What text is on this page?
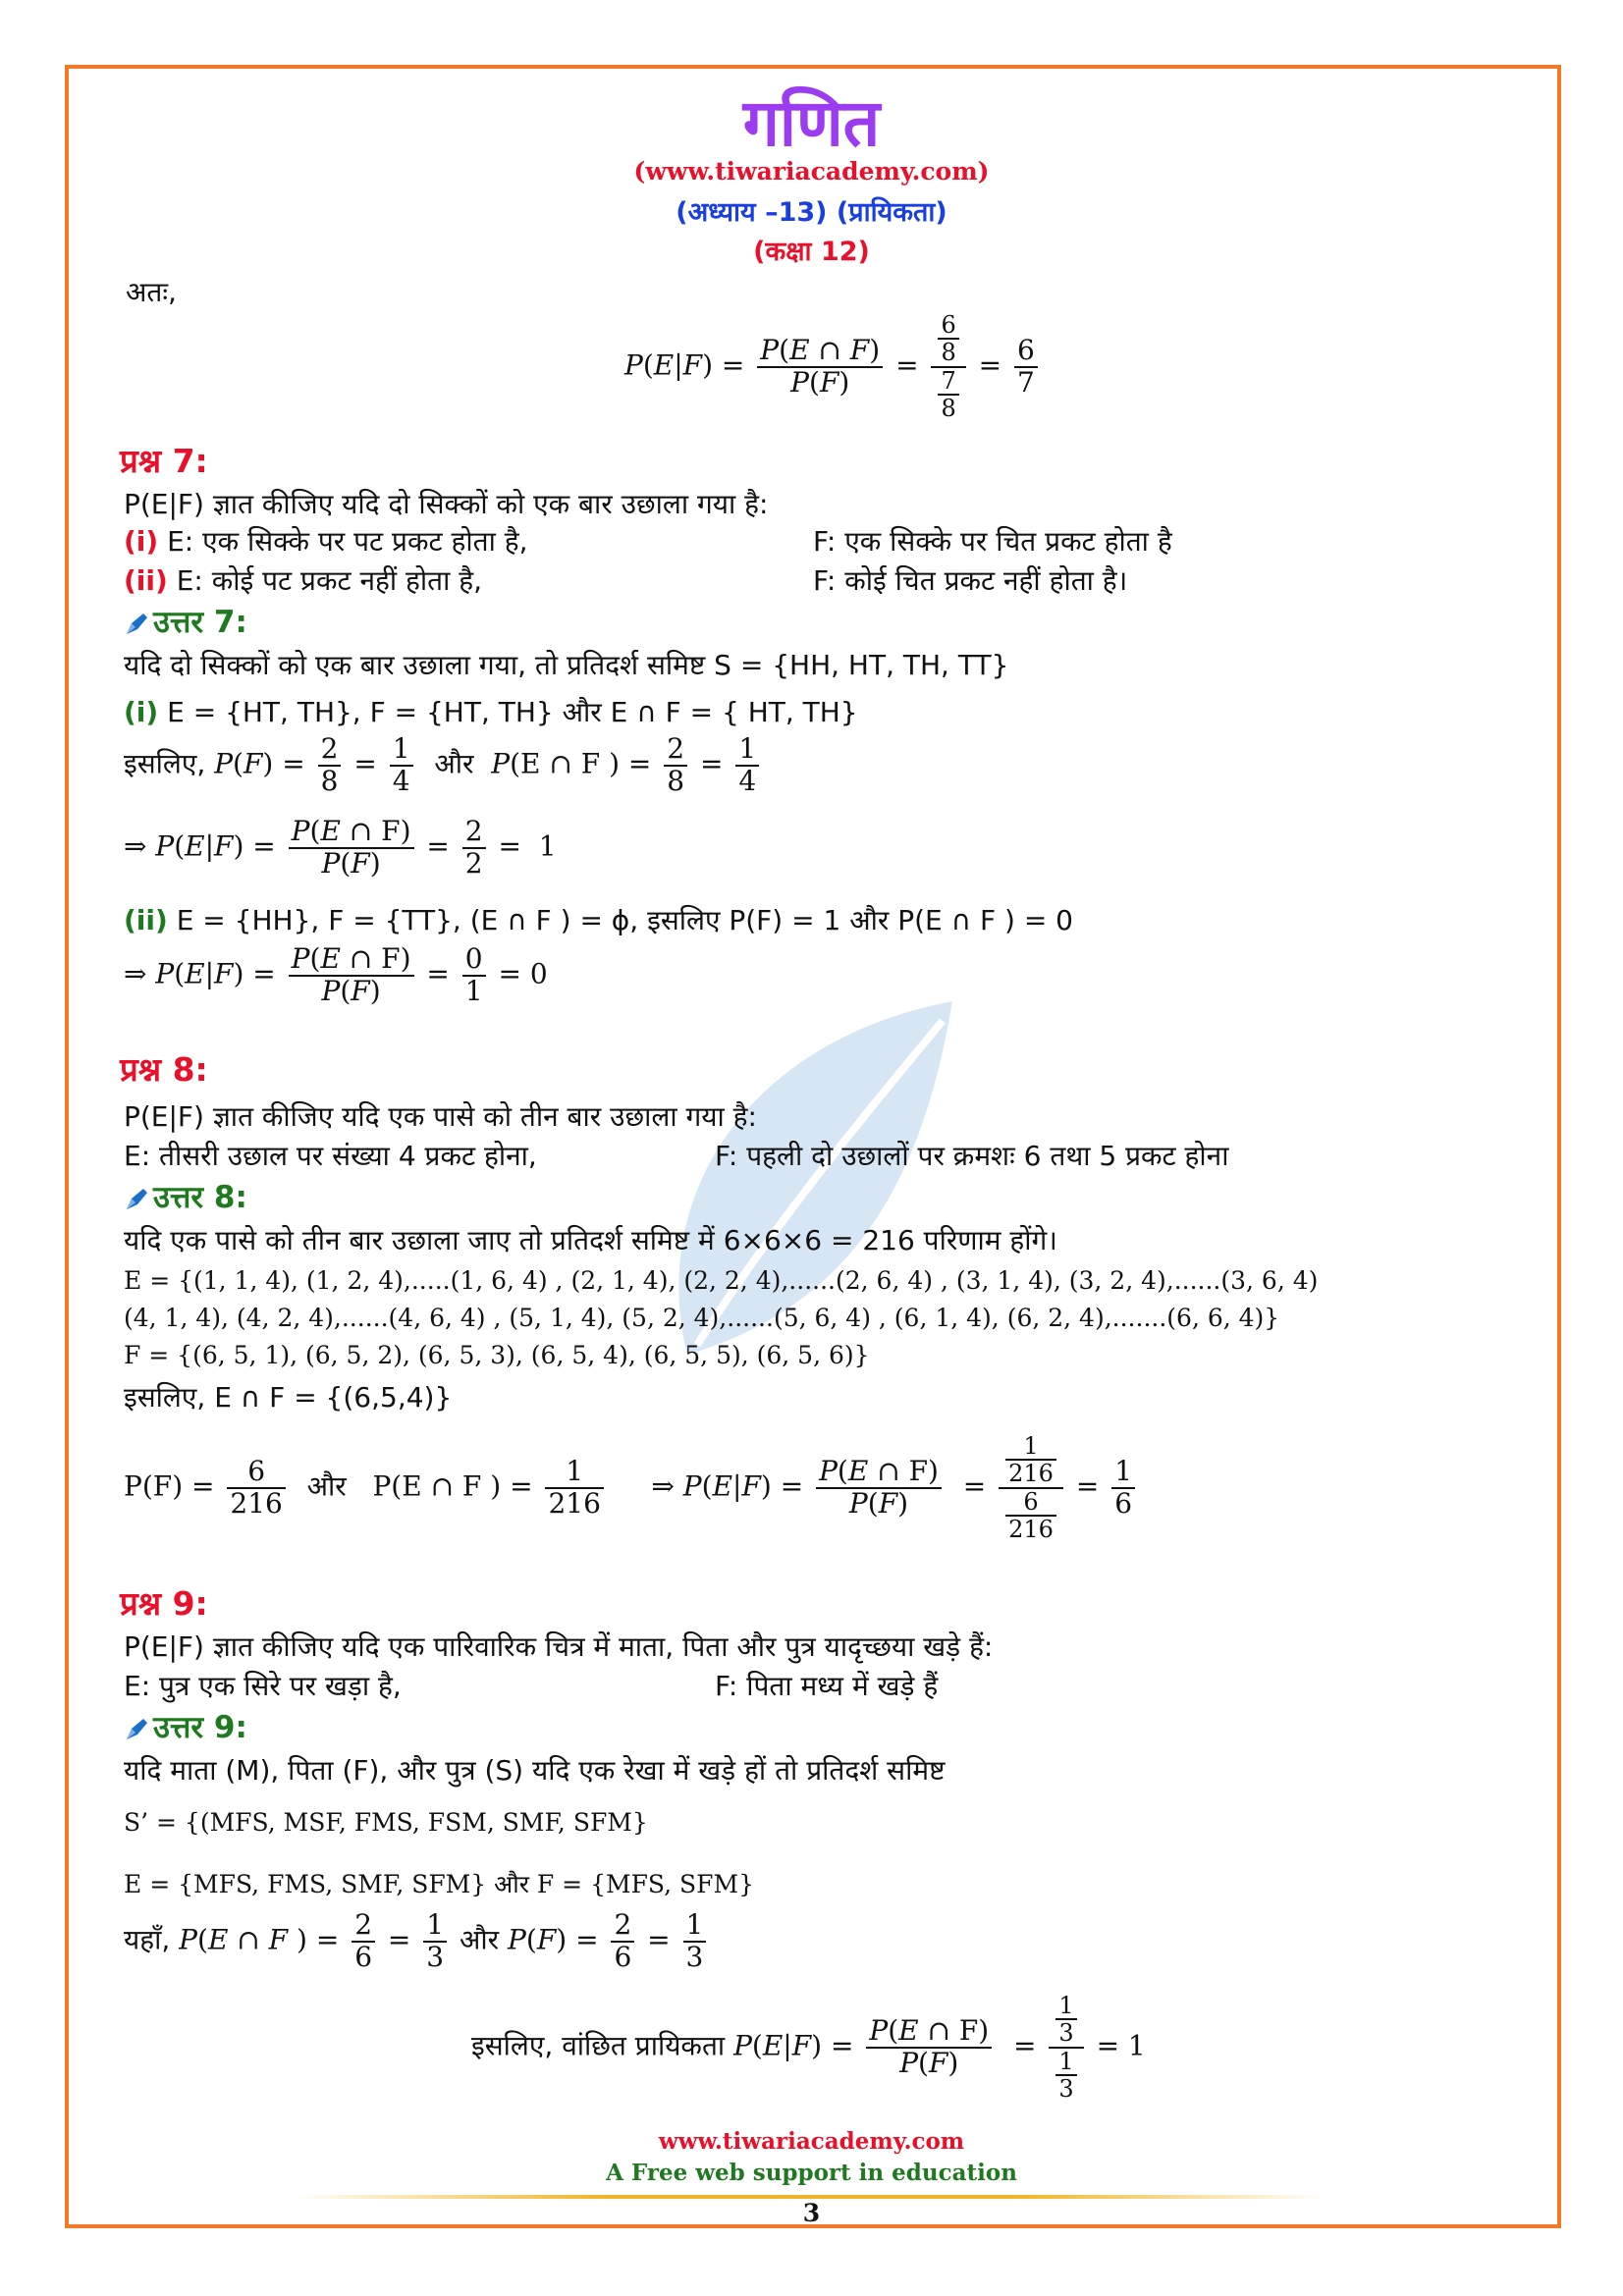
गणित
(www.tiwariacademy.com)
(अध्याय –13) (प्रायिकता)
(कक्षा 12)
अतः,
$P(E|F) = \frac{P(E \cap F)}{P(F)} = \frac{\frac{6}{8}}{\frac{7}{8}} = \frac{6}{7}$
प्रश्न 7:
P(E|F) ज्ञात कीजिए यदि दो सिक्कों को एक बार उछाला गया है:
(i) E: एक सिक्के पर पट प्रकट होता है,	F: एक सिक्के पर चित प्रकट होता है
(ii) E: कोई पट प्रकट नहीं होता है,	F: कोई चित प्रकट नहीं होता है।
उत्तर 7:
यदि दो सिक्कों को एक बार उछाला गया, तो प्रतिदर्श समिष्ट S = {HH, HT, TH, TT}
(i) E = {HT, TH}, F = {HT, TH} और E ∩ F = { HT, TH}
इसलिए, $P(F) = \frac{2}{8} = \frac{1}{4}$ और P(E ∩ F ) = $\frac{2}{8} = \frac{1}{4}$
⇒ $P(E|F) = \frac{P(E \cap F)}{P(F)} = \frac{2}{2} = 1$
(ii) E = {HH}, F = {TT}, (E ∩ F ) = ϕ, इसलिए P(F) = 1 और P(E ∩ F ) = 0
⇒ $P(E|F) = \frac{P(E \cap F)}{P(F)} = \frac{0}{1} = 0$
प्रश्न 8:
P(E|F) ज्ञात कीजिए यदि एक पासे को तीन बार उछाला गया है:
E: तीसरी उछाल पर संख्या 4 प्रकट होना,	F: पहली दो उछालों पर क्रमशः 6 तथा 5 प्रकट होना
उत्तर 8:
यदि एक पासे को तीन बार उछाला जाए तो प्रतिदर्श समिष्ट में 6×6×6 = 216 परिणाम होंगे।
E = {(1, 1, 4), (1, 2, 4),.....(1, 6, 4) , (2, 1, 4), (2, 2, 4),......(2, 6, 4) , (3, 1, 4), (3, 2, 4),......(3, 6, 4)
(4, 1, 4), (4, 2, 4),......(4, 6, 4) , (5, 1, 4), (5, 2, 4),......(5, 6, 4) , (6, 1, 4), (6, 2, 4),.......(6, 6, 4)}
F = {(6, 5, 1), (6, 5, 2), (6, 5, 3), (6, 5, 4), (6, 5, 5), (6, 5, 6)}
इसलिए, E ∩ F = {(6,5,4)}
$P(F) = \frac{6}{216}$ और   P(E ∩ F ) = $\frac{1}{216}$ ⇒ $P(E|F) = \frac{P(E \cap F)}{P(F)} = \frac{\frac{1}{216}}{\frac{6}{216}} = \frac{1}{6}$
प्रश्न 9:
P(E|F) ज्ञात कीजिए यदि एक पारिवारिक चित्र में माता, पिता और पुत्र यादृच्छया खड़े हैं:
E: पुत्र एक सिरे पर खड़ा है,	F: पिता मध्य में खड़े हैं
उत्तर 9:
यदि माता (M), पिता (F), और पुत्र (S) यदि एक रेखा में खड़े हों तो प्रतिदर्श समिष्ट
S’ = {(MFS, MSF, FMS, FSM, SMF, SFM}
E = {MFS, FMS, SMF, SFM} और F = {MFS, SFM}
यहाँ, P(E ∩ F ) = $\frac{2}{6} = \frac{1}{3}$ और $P(F) = \frac{2}{6} = \frac{1}{3}$
इसलिए, वांछित प्रायिकता $P(E|F) = \frac{P(E \cap F)}{P(F)} = \frac{\frac{1}{3}}{\frac{1}{3}} = 1$
www.tiwariacademy.com
A Free web support in education
3
